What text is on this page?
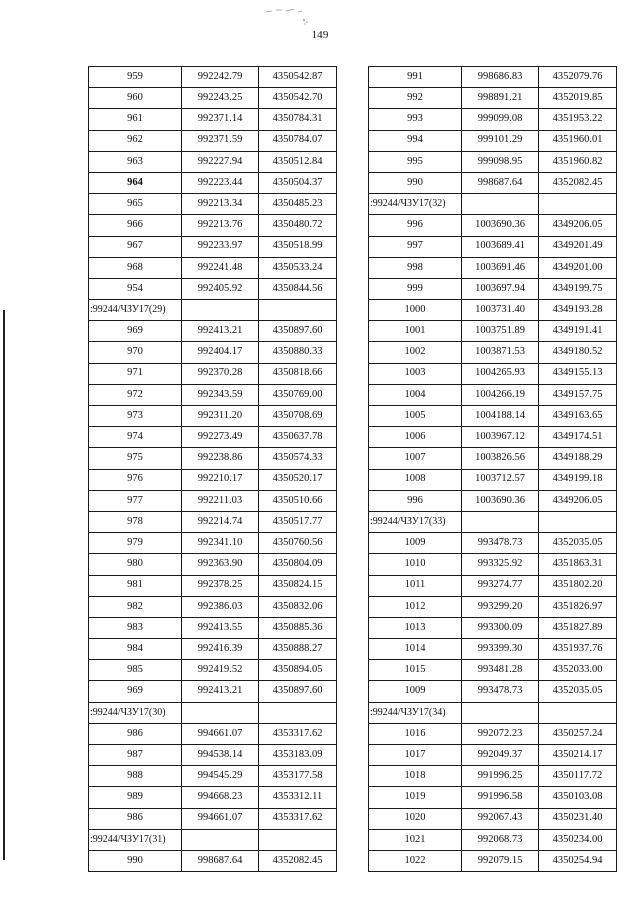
149
959	992242.79	4350542.87
960	992243.25	4350542.70
961	992371.14	4350784.31
962	992371.59	4350784.07
963	992227.94	4350512.84
964	992223.44	4350504.37
965	992213.34	4350485.23
966	992213.76	4350480.72
967	992233.97	4350518.99
968	992241.48	4350533.24
954	992405.92	4350844.56
:99244/ЧЗУ17(29)		
969	992413.21	4350897.60
970	992404.17	4350880.33
971	992370.28	4350818.66
972	992343.59	4350769.00
973	992311.20	4350708.69
974	992273.49	4350637.78
975	992238.86	4350574.33
976	992210.17	4350520.17
977	992211.03	4350510.66
978	992214.74	4350517.77
979	992341.10	4350760.56
980	992363.90	4350804.09
981	992378.25	4350824.15
982	992386.03	4350832.06
983	992413.55	4350885.36
984	992416.39	4350888.27
985	992419.52	4350894.05
969	992413.21	4350897.60
:99244/ЧЗУ17(30)		
986	994661.07	4353317.62
987	994538.14	4353183.09
988	994545.29	4353177.58
989	994668.23	4353312.11
986	994661.07	4353317.62
:99244/ЧЗУ17(31)		
990	998687.64	4352082.45
991	998686.83	4352079.76
992	998891.21	4352019.85
993	999099.08	4351953.22
994	999101.29	4351960.01
995	999098.95	4351960.82
990	998687.64	4352082.45
:99244/ЧЗУ17(32)		
996	1003690.36	4349206.05
997	1003689.41	4349201.49
998	1003691.46	4349201.00
999	1003697.94	4349199.75
1000	1003731.40	4349193.28
1001	1003751.89	4349191.41
1002	1003871.53	4349180.52
1003	1004265.93	4349155.13
1004	1004266.19	4349157.75
1005	1004188.14	4349163.65
1006	1003967.12	4349174.51
1007	1003826.56	4349188.29
1008	1003712.57	4349199.18
996	1003690.36	4349206.05
:99244/ЧЗУ17(33)		
1009	993478.73	4352035.05
1010	993325.92	4351863.31
1011	993274.77	4351802.20
1012	993299.20	4351826.97
1013	993300.09	4351827.89
1014	993399.30	4351937.76
1015	993481.28	4352033.00
1009	993478.73	4352035.05
:99244/ЧЗУ17(34)		
1016	992072.23	4350257.24
1017	992049.37	4350214.17
1018	991996.25	4350117.72
1019	991996.58	4350103.08
1020	992067.43	4350231.40
1021	992068.73	4350234.00
1022	992079.15	4350254.94
